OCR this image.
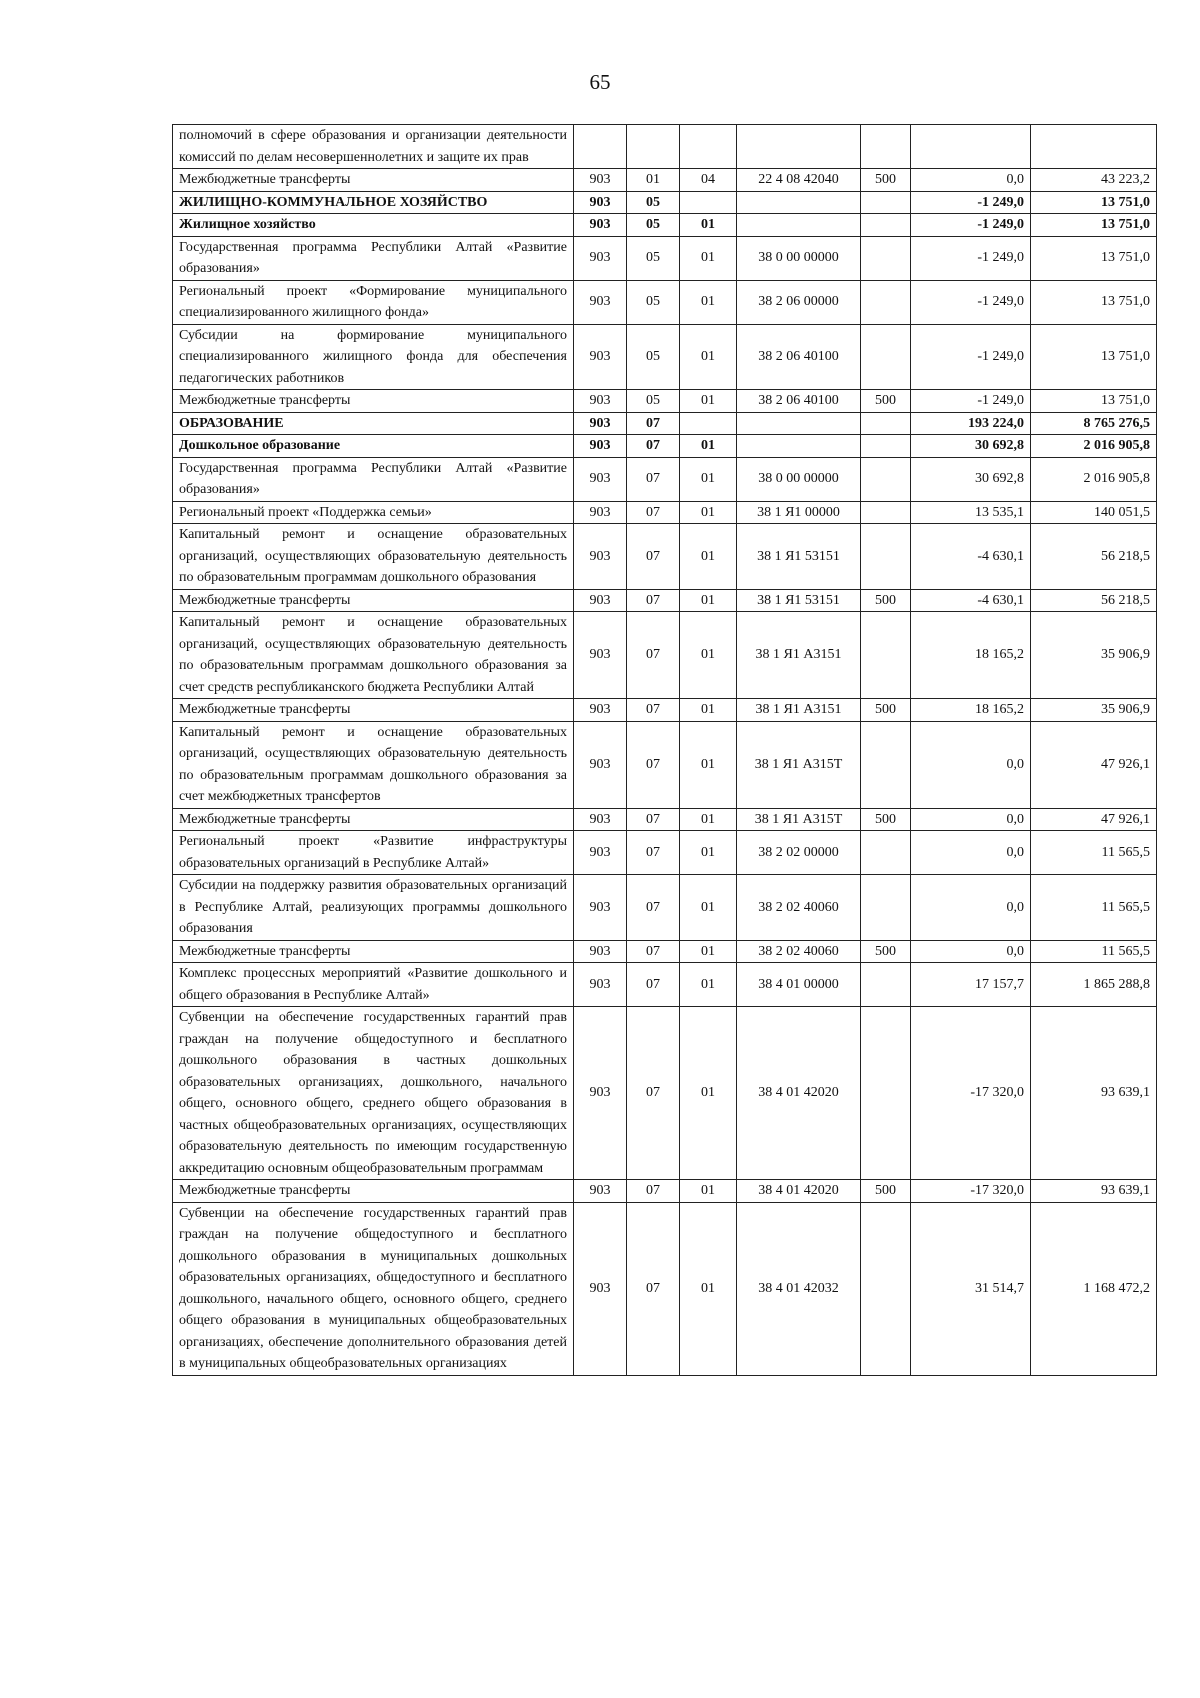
65
полномочий в сфере образования и организации деятельности комиссий по делам несовершеннолетних и защите их прав							
Межбюджетные трансферты	903	01	04	22 4 08 42040	500	0,0	43 223,2
ЖИЛИЩНО-КОММУНАЛЬНОЕ ХОЗЯЙСТВО	903	05				-1 249,0	13 751,0
Жилищное хозяйство	903	05	01			-1 249,0	13 751,0
Государственная программа Республики Алтай «Развитие образования»	903	05	01	38 0 00 00000		-1 249,0	13 751,0
Региональный проект «Формирование муниципального специализированного жилищного фонда»	903	05	01	38 2 06 00000		-1 249,0	13 751,0
Субсидии на формирование муниципального специализированного жилищного фонда для обеспечения педагогических работников	903	05	01	38 2 06 40100		-1 249,0	13 751,0
Межбюджетные трансферты	903	05	01	38 2 06 40100	500	-1 249,0	13 751,0
ОБРАЗОВАНИЕ	903	07				193 224,0	8 765 276,5
Дошкольное образование	903	07	01			30 692,8	2 016 905,8
Государственная программа Республики Алтай «Развитие образования»	903	07	01	38 0 00 00000		30 692,8	2 016 905,8
Региональный проект «Поддержка семьи»	903	07	01	38 1 Я1 00000		13 535,1	140 051,5
Капитальный ремонт и оснащение образовательных организаций, осуществляющих образовательную деятельность по образовательным программам дошкольного образования	903	07	01	38 1 Я1 53151		-4 630,1	56 218,5
Межбюджетные трансферты	903	07	01	38 1 Я1 53151	500	-4 630,1	56 218,5
Капитальный ремонт и оснащение образовательных организаций, осуществляющих образовательную деятельность по образовательным программам дошкольного образования за счет средств республиканского бюджета Республики Алтай	903	07	01	38 1 Я1 А3151		18 165,2	35 906,9
Межбюджетные трансферты	903	07	01	38 1 Я1 А3151	500	18 165,2	35 906,9
Капитальный ремонт и оснащение образовательных организаций, осуществляющих образовательную деятельность по образовательным программам дошкольного образования за счет межбюджетных трансфертов	903	07	01	38 1 Я1 А315Т		0,0	47 926,1
Межбюджетные трансферты	903	07	01	38 1 Я1 А315Т	500	0,0	47 926,1
Региональный проект «Развитие инфраструктуры образовательных организаций в Республике Алтай»	903	07	01	38 2 02 00000		0,0	11 565,5
Субсидии на поддержку развития образовательных организаций в Республике Алтай, реализующих программы дошкольного образования	903	07	01	38 2 02 40060		0,0	11 565,5
Межбюджетные трансферты	903	07	01	38 2 02 40060	500	0,0	11 565,5
Комплекс процессных мероприятий «Развитие дошкольного и общего образования в Республике Алтай»	903	07	01	38 4 01 00000		17 157,7	1 865 288,8
Субвенции на обеспечение государственных гарантий прав граждан на получение общедоступного и бесплатного дошкольного образования в частных дошкольных образовательных организациях, дошкольного, начального общего, основного общего, среднего общего образования в частных общеобразовательных организациях, осуществляющих образовательную деятельность по имеющим государственную аккредитацию основным общеобразовательным программам	903	07	01	38 4 01 42020		-17 320,0	93 639,1
Межбюджетные трансферты	903	07	01	38 4 01 42020	500	-17 320,0	93 639,1
Субвенции на обеспечение государственных гарантий прав граждан на получение общедоступного и бесплатного дошкольного образования в муниципальных дошкольных образовательных организациях, общедоступного и бесплатного дошкольного, начального общего, основного общего, среднего общего образования в муниципальных общеобразовательных организациях, обеспечение дополнительного образования детей в муниципальных общеобразовательных организациях	903	07	01	38 4 01 42032		31 514,7	1 168 472,2
